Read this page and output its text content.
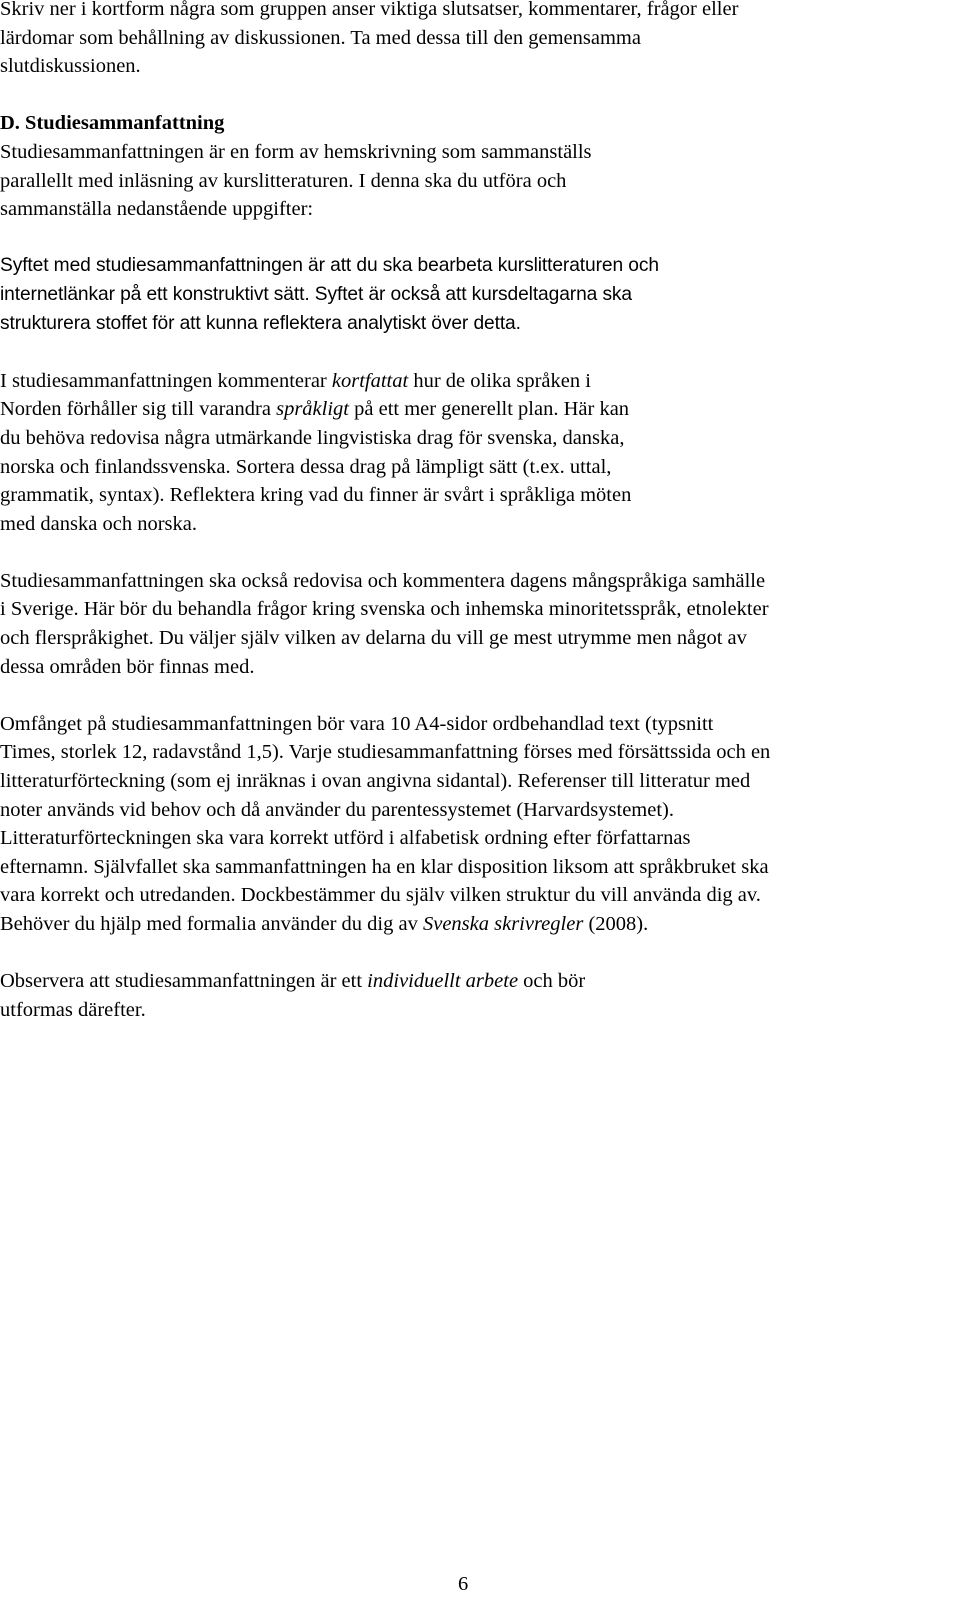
Skriv ner i kortform några som gruppen anser viktiga slutsatser, kommentarer, frågor eller
lärdomar som behållning av diskussionen. Ta med dessa till den gemensamma
slutdiskussionen.

D. Studiesammanfattning

Studiesammanfattningen är en form av hemskrivning som sammanställs
parallellt med inläsning av kurslitteraturen. I denna ska du utföra och
sammanställa nedanstående uppgifter:

Syftet med studiesammanfattningen är att du ska bearbeta kurslitteraturen och
internetlänkar på ett konstruktivt sätt. Syftet är också att kursdeltagarna ska
strukturera stoffet för att kunna reflektera analytiskt över detta.

I studiesammanfattningen kommenterar kortfattat hur de olika språken i
Norden förhåller sig till varandra språkligt på ett mer generellt plan. Här kan
du behöva redovisa några utmärkande lingvistiska drag för svenska, danska,
norska och finlandssvenska. Sortera dessa drag på lämpligt sätt (t.ex. uttal,
grammatik, syntax). Reflektera kring vad du finner är svårt i språkliga möten
med danska och norska.

Studiesammanfattningen ska också redovisa och kommentera dagens mångspråkiga samhälle
i Sverige. Här bör du behandla frågor kring svenska och inhemska minoritetsspråk, etnolekter
och flerspråkighet. Du väljer själv vilken av delarna du vill ge mest utrymme men något av
dessa områden bör finnas med.

Omfånget på studiesammanfattningen bör vara 10 A4-sidor ordbehandlad text (typsnitt
Times, storlek 12, radavstånd 1,5). Varje studiesammanfattning förses med försättssida och en
litteraturförteckning (som ej inräknas i ovan angivna sidantal). Referenser till litteratur med
noter används vid behov och då använder du parentessystemet (Harvardsystemet).
Litteraturförteckningen ska vara korrekt utförd i alfabetisk ordning efter författarnas
efternamn. Självfallet ska sammanfattningen ha en klar disposition liksom att språkbruket ska
vara korrekt och utredanden. Dockbestämmer du själv vilken struktur du vill använda dig av.
Behöver du hjälp med formalia använder du dig av Svenska skrivregler (2008).

Observera att studiesammanfattningen är ett individuellt arbete och bör
utformas därefter.

6
